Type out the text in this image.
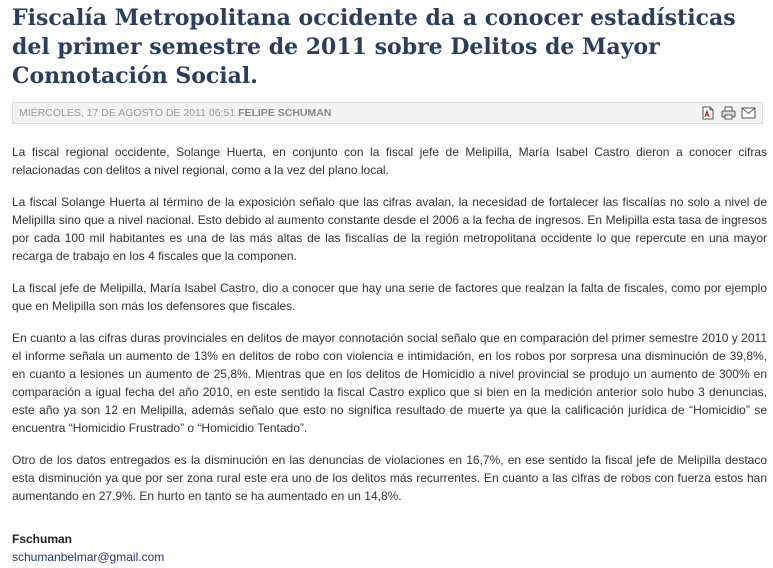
Fiscalía Metropolitana occidente da a conocer estadísticas del primer semestre de 2011 sobre Delitos de Mayor Connotación Social.
MIÉRCOLES, 17 DE AGOSTO DE 2011 06:51 FELIPE SCHUMAN

La fiscal regional occidente, Solange Huerta, en conjunto con la fiscal jefe de Melipilla, María Isabel Castro dieron a conocer cifras relacionadas con delitos a nivel regional, como a la vez del plano local.

La fiscal Solange Huerta al término de la exposición señalo que las cifras avalan, la necesidad de fortalecer las fiscalías no solo a nivel de Melipilla sino que a nivel nacional. Esto debido al aumento constante desde el 2006 a la fecha de ingresos. En Melipilla esta tasa de ingresos por cada 100 mil habitantes es una de las más altas de las fiscalías de la región metropolitana occidente lo que repercute en una mayor recarga de trabajo en los 4 fiscales que la componen.

La fiscal jefe de Melipilla, María Isabel Castro, dio a conocer que hay una serie de factores que realzan la falta de fiscales, como por ejemplo que en Melipilla son más los defensores que fiscales.

En cuanto a las cifras duras provinciales en delitos de mayor connotación social señalo que en comparación del primer semestre 2010 y 2011 el informe señala un aumento de 13% en delitos de robo con violencia e intimidación, en los robos por sorpresa una disminución de 39,8%, en cuanto a lesiones un aumento de 25,8%. Mientras que en los delitos de Homicidio a nivel provincial se produjo un aumento de 300% en comparación a igual fecha del año 2010, en este sentido la fiscal Castro explico que si bien en la medición anterior solo hubo 3 denuncias, este año ya son 12 en Melipilla, además señalo que esto no significa resultado de muerte ya que la calificación jurídica de “Homicidio” se encuentra “Homicidio Frustrado” o “Homicidio Tentado”.

Otro de los datos entregados es la disminución en las denuncias de violaciones en 16,7%, en ese sentido la fiscal jefe de Melipilla destaco esta disminución ya que por ser zona rural este era uno de los delitos más recurrentes. En cuanto a las cifras de robos con fuerza estos han aumentando en 27,9%. En hurto en tanto se ha aumentado en un 14,8%.

Fschuman
schumanbelmar@gmail.com
